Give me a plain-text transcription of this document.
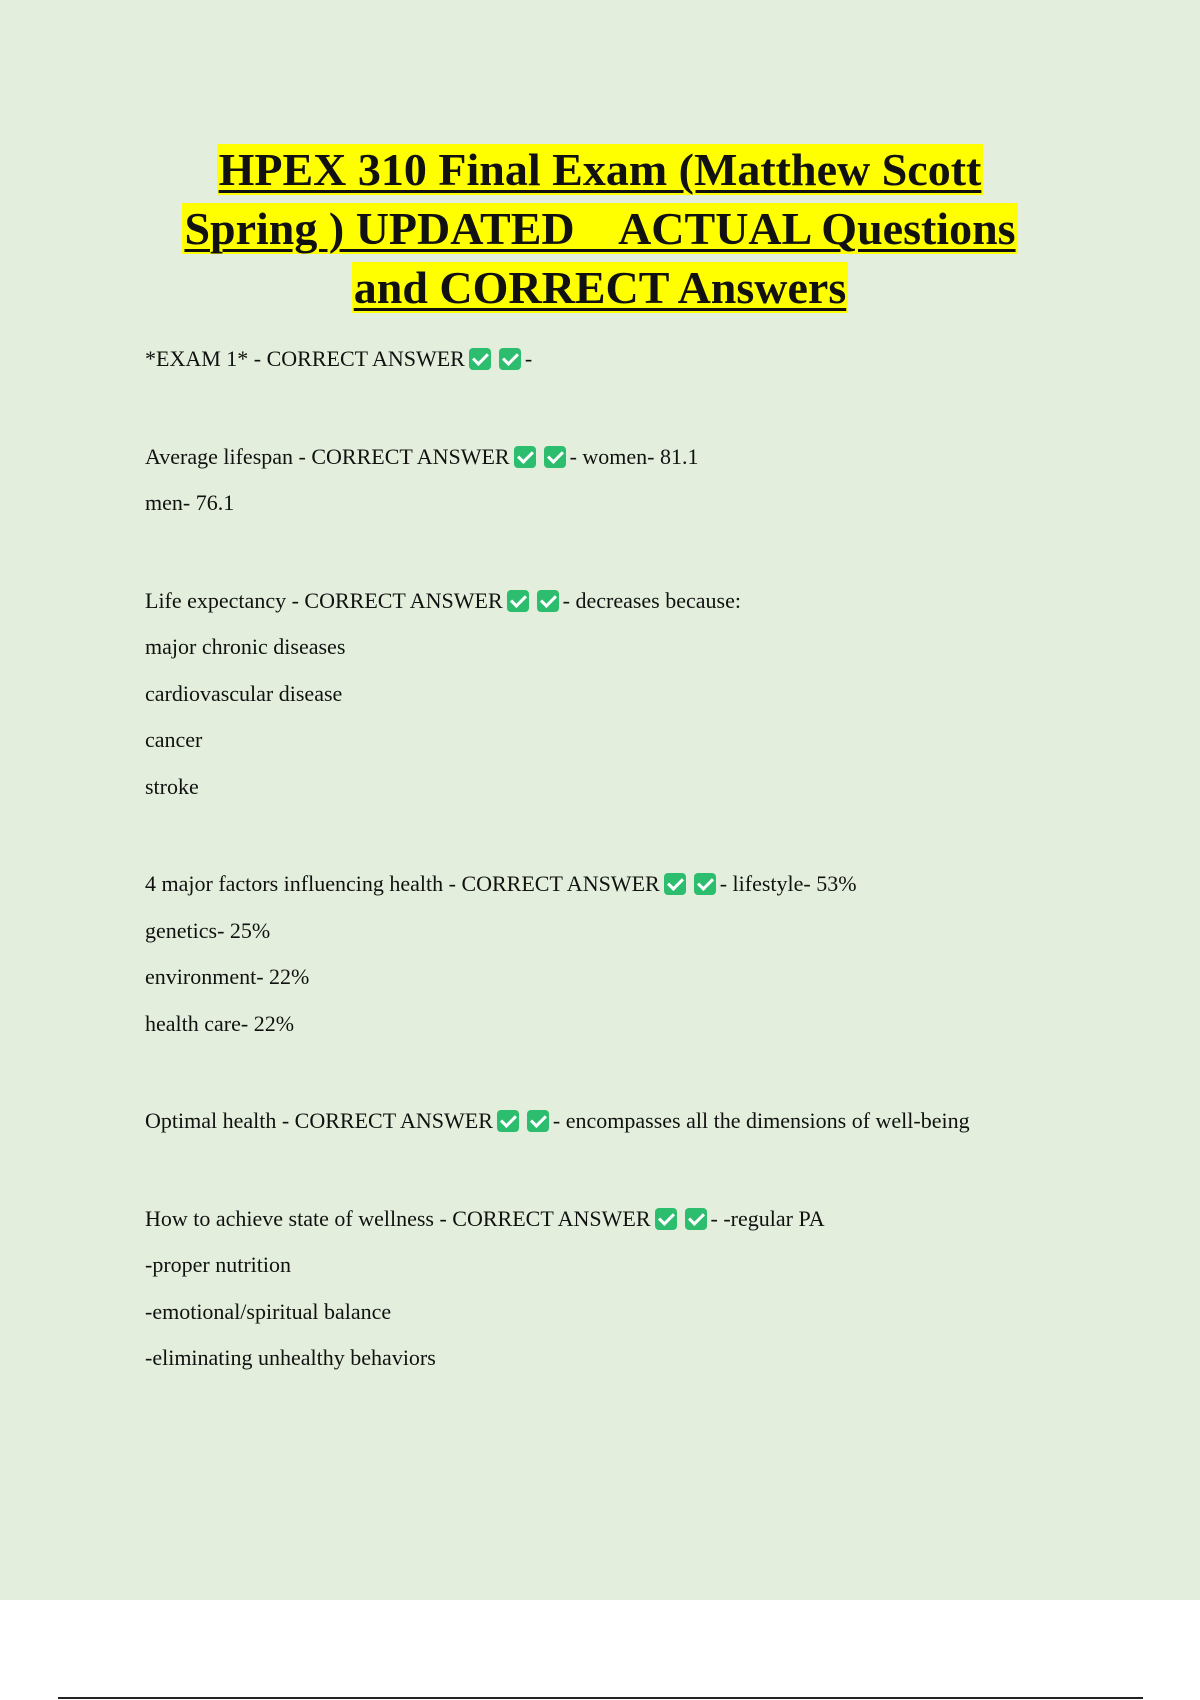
HPEX 310 Final Exam (Matthew Scott
Spring ) UPDATED    ACTUAL Questions
and CORRECT Answers
*EXAM 1* - CORRECT ANSWER	-
Average lifespan - CORRECT ANSWER	- women- 81.1
men- 76.1
Life expectancy - CORRECT ANSWER	- decreases because:
major chronic diseases
cardiovascular disease
cancer
stroke
4 major factors influencing health - CORRECT ANSWER	- lifestyle- 53%
genetics- 25%
environment- 22%
health care- 22%
Optimal health - CORRECT ANSWER	- encompasses all the dimensions of well-being
How to achieve state of wellness - CORRECT ANSWER	- -regular PA
-proper nutrition
-emotional/spiritual balance
-eliminating unhealthy behaviors
